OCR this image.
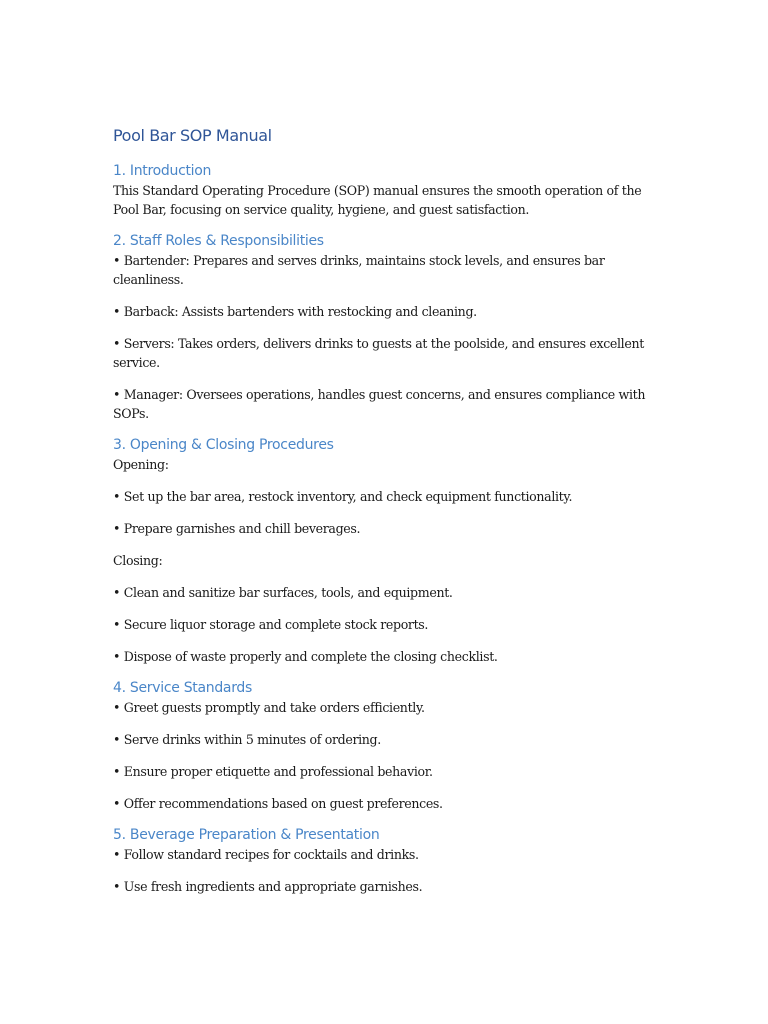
Pool Bar SOP Manual
1. Introduction

This Standard Operating Procedure (SOP) manual ensures the smooth operation of the Pool Bar, focusing on service quality, hygiene, and guest satisfaction.

2. Staff Roles & Responsibilities

• Bartender: Prepares and serves drinks, maintains stock levels, and ensures bar cleanliness.

• Barback: Assists bartenders with restocking and cleaning.

• Servers: Takes orders, delivers drinks to guests at the poolside, and ensures excellent service.

• Manager: Oversees operations, handles guest concerns, and ensures compliance with SOPs.

3. Opening & Closing Procedures

Opening:

• Set up the bar area, restock inventory, and check equipment functionality.

• Prepare garnishes and chill beverages.

Closing:

• Clean and sanitize bar surfaces, tools, and equipment.

• Secure liquor storage and complete stock reports.

• Dispose of waste properly and complete the closing checklist.

4. Service Standards

• Greet guests promptly and take orders efficiently.

• Serve drinks within 5 minutes of ordering.

• Ensure proper etiquette and professional behavior.

• Offer recommendations based on guest preferences.

5. Beverage Preparation & Presentation

• Follow standard recipes for cocktails and drinks.

• Use fresh ingredients and appropriate garnishes.
